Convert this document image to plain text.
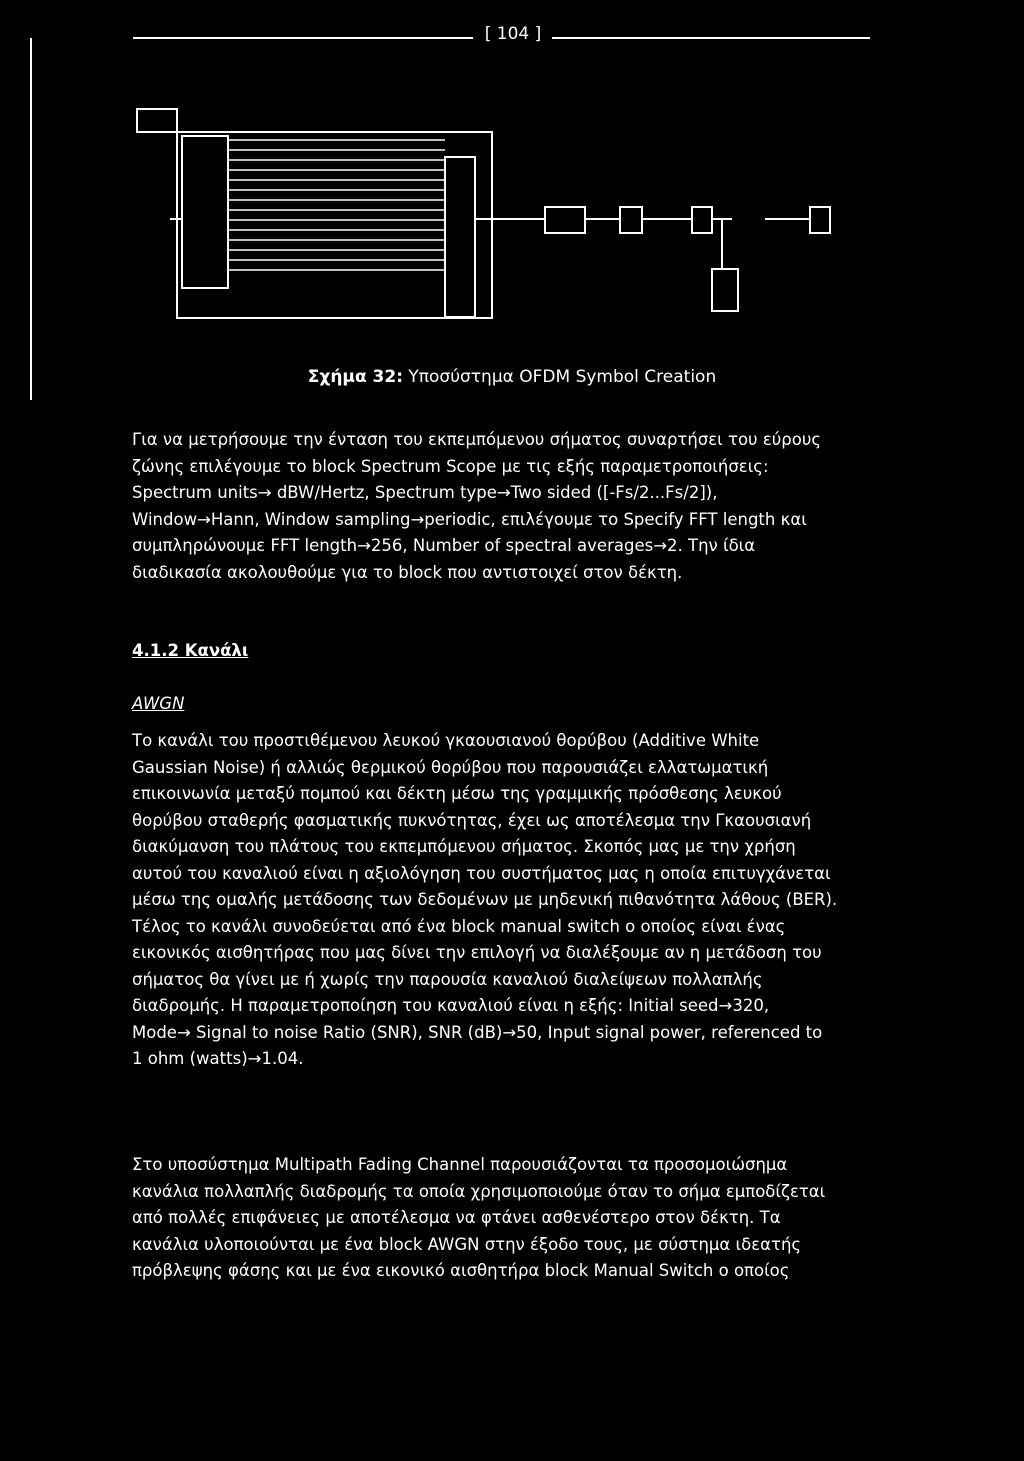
[ 104 ]
Σχήμα 32: Υποσύστημα OFDM Symbol Creation
Για να μετρήσουμε την ένταση του εκπεμπόμενου σήματος συναρτήσει του εύρους
ζώνης επιλέγουμε το block Spectrum Scope με τις εξής παραμετροποιήσεις:
Spectrum units→ dBW/Hertz, Spectrum type→Two sided ([-Fs/2...Fs/2]),
Window→Hann, Window sampling→periodic, επιλέγουμε το Specify FFT length και
συμπληρώνουμε FFT length→256, Number of spectral averages→2. Την ίδια
διαδικασία ακολουθούμε για το block που αντιστοιχεί στον δέκτη.
4.1.2 Κανάλι
AWGN
Το κανάλι του προστιθέμενου λευκού γκαουσιανού θορύβου (Additive White
Gaussian Noise) ή αλλιώς θερμικού θορύβου που παρουσιάζει ελλατωματική
επικοινωνία μεταξύ πομπού και δέκτη μέσω της γραμμικής πρόσθεσης λευκού
θορύβου σταθερής φασματικής πυκνότητας, έχει ως αποτέλεσμα την Γκαουσιανή
διακύμανση του πλάτους του εκπεμπόμενου σήματος. Σκοπός μας με την χρήση
αυτού του καναλιού είναι η αξιολόγηση του συστήματος μας η οποία επιτυγχάνεται
μέσω της ομαλής μετάδοσης των δεδομένων με μηδενική πιθανότητα λάθους (BER).
Τέλος το κανάλι συνοδεύεται από ένα block manual switch ο οποίος είναι ένας
εικονικός αισθητήρας που μας δίνει την επιλογή να διαλέξουμε αν η μετάδοση του
σήματος θα γίνει με ή χωρίς την παρουσία καναλιού διαλείψεων πολλαπλής
διαδρομής. Η παραμετροποίηση του καναλιού είναι η εξής: Initial seed→320,
Mode→ Signal to noise Ratio (SNR), SNR (dB)→50, Input signal power, referenced to
1 ohm (watts)→1.04.
Στο υποσύστημα Multipath Fading Channel παρουσιάζονται τα προσομοιώσημα
κανάλια πολλαπλής διαδρομής τα οποία χρησιμοποιούμε όταν το σήμα εμποδίζεται
από πολλές επιφάνειες με αποτέλεσμα να φτάνει ασθενέστερο στον δέκτη. Τα
κανάλια υλοποιούνται με ένα block AWGN στην έξοδο τους, με σύστημα ιδεατής
πρόβλεψης φάσης και με ένα εικονικό αισθητήρα block Manual Switch ο οποίος
